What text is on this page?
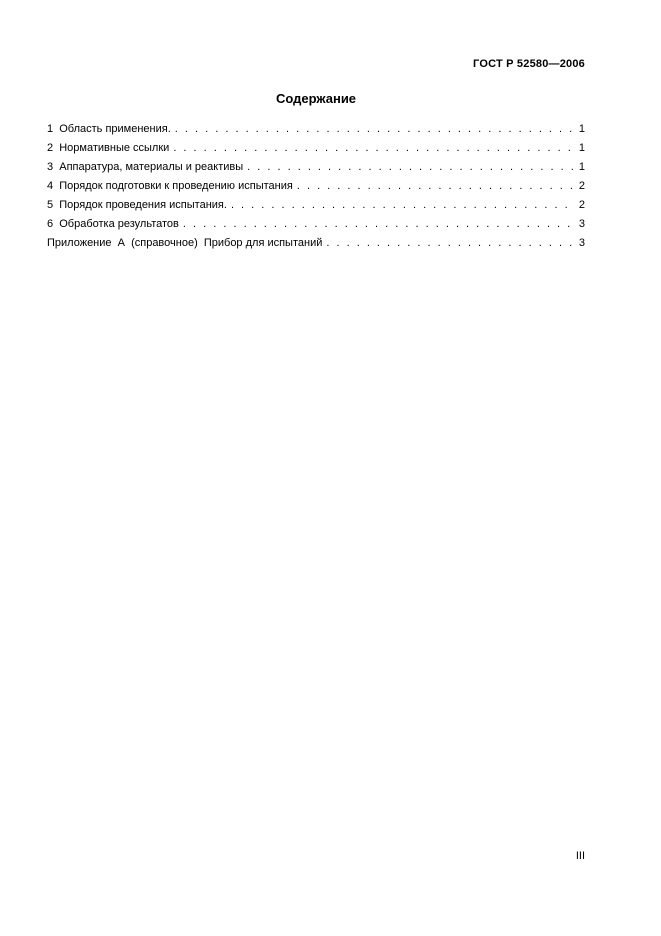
ГОСТ Р 52580—2006
Содержание
1  Область применения. . . .	1
2  Нормативные ссылки . . .	1
3  Аппаратура, материалы и реактивы . . .	1
4  Порядок подготовки к проведению испытания . . .	2
5  Порядок проведения испытания. . . .	2
6  Обработка результатов . . .	3
Приложение  А  (справочное)  Прибор для испытаний . . .	3
III
